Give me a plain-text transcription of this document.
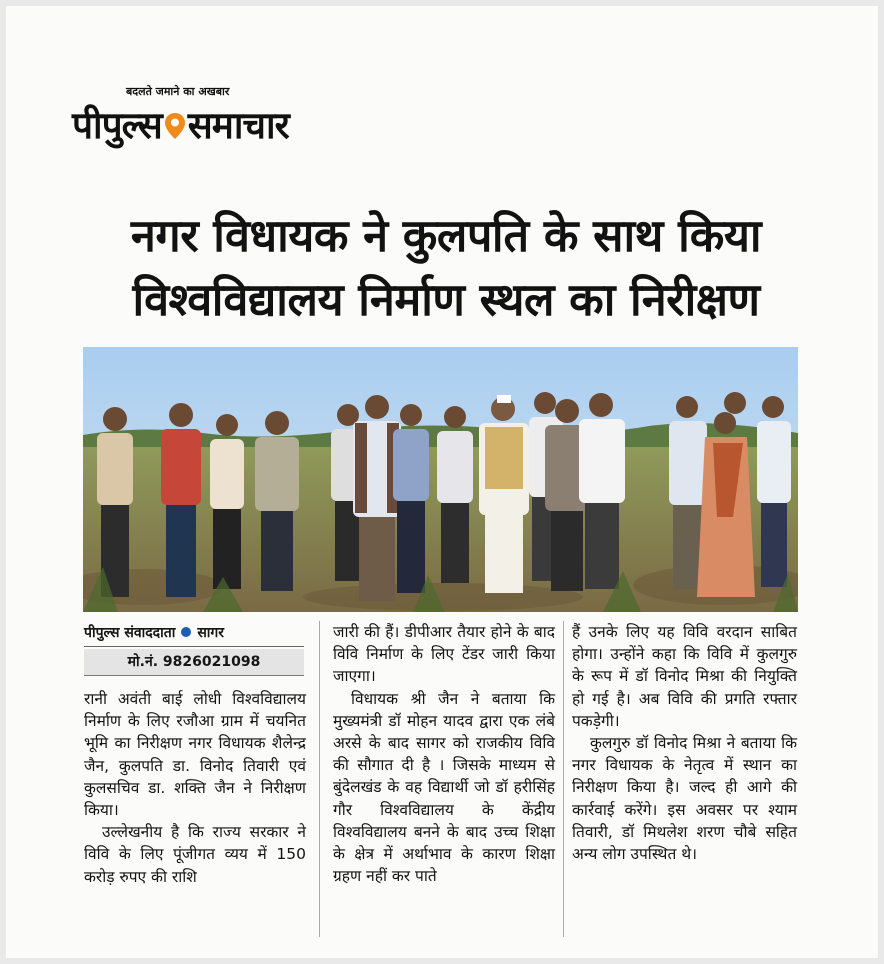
बदलते जमाने का अखबार
पीपुल्स समाचार
नगर विधायक ने कुलपति के साथ किया
विश्वविद्यालय निर्माण स्थल का निरीक्षण
पीपुल्स संवाददाता सागर
मो.नं. 9826021098

रानी अवंती बाई लोधी विश्वविद्यालय निर्माण के लिए रजौआ ग्राम में चयनित भूमि का निरीक्षण नगर विधायक शैलेन्द्र जैन, कुलपति डा. विनोद तिवारी एवं कुलसचिव डा. शक्ति जैन ने निरीक्षण किया।

उल्लेखनीय है कि राज्य सरकार ने विवि के लिए पूंजीगत व्यय में 150 करोड़ रुपए की राशि

जारी की हैं। डीपीआर तैयार होने के बाद विवि निर्माण के लिए टेंडर जारी किया जाएगा।

विधायक श्री जैन ने बताया कि मुख्यमंत्री डॉ मोहन यादव द्वारा एक लंबे अरसे के बाद सागर को राजकीय विवि की सौगात दी है । जिसके माध्यम से बुंदेलखंड के वह विद्यार्थी जो डॉ हरीसिंह गौर विश्वविद्यालय के केंद्रीय विश्वविद्यालय बनने के बाद उच्च शिक्षा के क्षेत्र में अर्थाभाव के कारण शिक्षा ग्रहण नहीं कर पाते

हैं उनके लिए यह विवि वरदान साबित होगा। उन्होंने कहा कि विवि में कुलगुरु के रूप में डॉ विनोद मिश्रा की नियुक्ति हो गई है। अब विवि की प्रगति रफ्तार पकड़ेगी।

कुलगुरु डॉ विनोद मिश्रा ने बताया कि नगर विधायक के नेतृत्व में स्थान का निरीक्षण किया है। जल्द ही आगे की कार्रवाई करेंगे। इस अवसर पर श्याम तिवारी, डॉ मिथलेश शरण चौबे सहित अन्य लोग उपस्थित थे।
